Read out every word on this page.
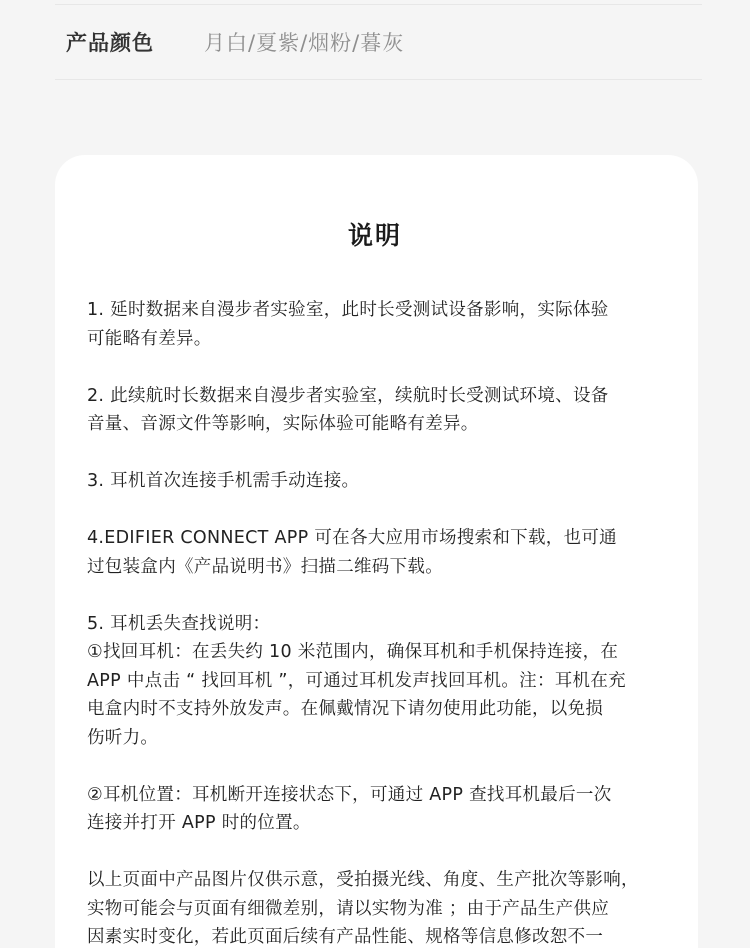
产品颜色	月白/夏紫/烟粉/暮灰
说明
1. 延时数据来自漫步者实验室，此时长受测试设备影响，实际体验
可能略有差异。
2. 此续航时长数据来自漫步者实验室，续航时长受测试环境、设备
音量、音源文件等影响，实际体验可能略有差异。
3. 耳机首次连接手机需手动连接。
4.EDIFIER CONNECT APP 可在各大应用市场搜索和下载，也可通
过包装盒内《产品说明书》扫描二维码下载。
5. 耳机丢失查找说明：
①找回耳机：在丢失约 10 米范围内，确保耳机和手机保持连接，在
APP 中点击 “ 找回耳机 ”，可通过耳机发声找回耳机。注：耳机在充
电盒内时不支持外放发声。在佩戴情况下请勿使用此功能，以免损
伤听力。
②耳机位置：耳机断开连接状态下，可通过 APP 查找耳机最后一次
连接并打开 APP 时的位置。
以上页面中产品图片仅供示意，受拍摄光线、角度、生产批次等影响，
实物可能会与页面有细微差别，请以实物为准 ；由于产品生产供应
因素实时变化，若此页面后续有产品性能、规格等信息修改恕不一
